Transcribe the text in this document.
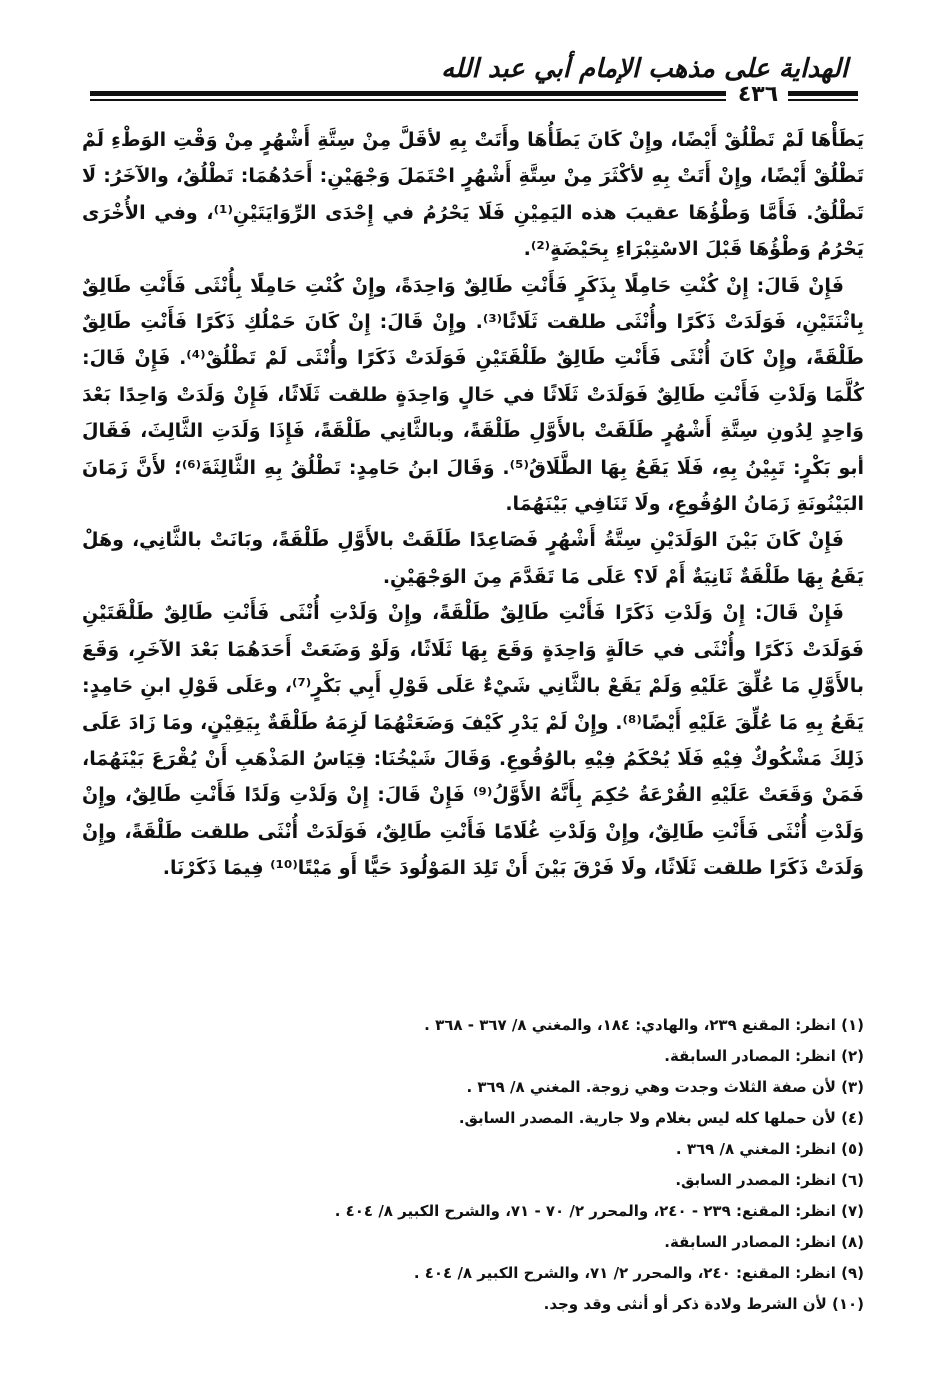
الهداية على مذهب الإمام أبي عبد الله
٤٣٦

يَطَأْهَا لَمْ تَطْلُقْ أَيْضًا، وإِنْ كَانَ يَطَأُهَا وأَتَتْ بِهِ لأقَلَّ مِنْ سِتَّةِ أَشْهُرٍ مِنْ وَقْتِ الوَطْءِ لَمْ تَطْلُقْ أَيْضًا، وإِنْ أَتَتْ بِهِ لأكْثَرَ مِنْ سِتَّةِ أَشْهُرٍ احْتَمَلَ وَجْهَيْنِ: أَحَدُهُمَا: تَطْلُقُ، والآخَرُ: لَا تَطْلُقُ. فَأَمَّا وَطْؤُهَا عقيبَ هذه اليَمِيْنِ فَلَا يَحْرُمُ في إِحْدَى الرِّوَايَتَيْنِ⁽¹⁾، وفي الأُخْرَى يَحْرُمُ وَطْؤُهَا قَبْلَ الاسْتِبْرَاءِ بِحَيْضَةٍ⁽²⁾.

فَإِنْ قَالَ: إِنْ كُنْتِ حَامِلًا بِذَكَرٍ فَأَنْتِ طَالِقٌ وَاحِدَةً، وإِنْ كُنْتِ حَامِلًا بِأُنْثَى فَأَنْتِ طَالِقٌ بِاثْنَتَيْنِ، فَوَلَدَتْ ذَكَرًا وأُنْثَى طلقت ثَلَاثًا⁽³⁾. وإِنْ قَالَ: إِنْ كَانَ حَمْلُكِ ذَكَرًا فَأَنْتِ طَالِقٌ طَلْقَةً، وإِنْ كَانَ أُنْثَى فَأَنْتِ طَالِقٌ طَلْقَتَيْنِ فَوَلَدَتْ ذَكَرًا وأُنْثَى لَمْ تَطْلُقْ⁽⁴⁾. فَإِنْ قَالَ: كُلَّمَا وَلَدْتِ فَأَنْتِ طَالِقٌ فَوَلَدَتْ ثَلَاثًا في حَالٍ وَاحِدَةٍ طلقت ثَلَاثًا، فَإِنْ وَلَدَتْ وَاحِدًا بَعْدَ وَاحِدٍ لِدُونِ سِتَّةِ أَشْهُرٍ طَلَقَتْ بالأَوَّلِ طَلْقَةً، وبالثَّانِي طَلْقَةً، فَإِذَا وَلَدَتِ الثَّالِثَ، فَقَالَ أبو بَكْرٍ: تَبِيْنُ بِهِ، فَلَا يَقَعُ بِهَا الطَّلَاقُ⁽⁵⁾. وَقَالَ ابنُ حَامِدٍ: تَطْلُقُ بِهِ الثَّالِثَةَ⁽⁶⁾؛ لأَنَّ زَمَانَ البَيْنُونَةِ زَمَانُ الوُقُوعِ، ولَا تَنَافِي بَيْنَهُمَا.

فَإِنْ كَانَ بَيْنَ الوَلَدَيْنِ سِتَّةُ أَشْهُرٍ فَصَاعِدًا طَلَقَتْ بالأَوَّلِ طَلْقَةً، وبَانَتْ بالثَّانِي، وهَلْ يَقَعُ بِهَا طَلْقَةٌ ثَانِيَةٌ أَمْ لَا؟ عَلَى مَا تَقَدَّمَ مِنَ الوَجْهَيْنِ.

فَإِنْ قَالَ: إِنْ وَلَدْتِ ذَكَرًا فَأَنْتِ طَالِقٌ طَلْقَةً، وإِنْ وَلَدْتِ أُنْثَى فَأَنْتِ طَالِقٌ طَلْقَتَيْنِ فَوَلَدَتْ ذَكَرًا وأُنْثَى في حَالَةٍ وَاحِدَةٍ وَقَعَ بِهَا ثَلَاثًا، وَلَوْ وَضَعَتْ أَحَدَهُمَا بَعْدَ الآخَرِ، وَقَعَ بالأَوَّلِ مَا عُلِّقَ عَلَيْهِ وَلَمْ يَقَعْ بالثَّانِي شَيْءٌ عَلَى قَوْلِ أَبِي بَكْرٍ⁽⁷⁾، وعَلَى قَوْلِ ابنِ حَامِدٍ: يَقَعُ بِهِ مَا عُلِّقَ عَلَيْهِ أَيْضًا⁽⁸⁾. وإِنْ لَمْ يَدْرِ كَيْفَ وَضَعَتْهُمَا لَزِمَهُ طَلْقَةٌ بِيَقِيْنٍ، ومَا زَادَ عَلَى ذَلِكَ مَشْكُوكٌ فِيْهِ فَلَا يُحْكَمُ فِيْهِ بالوُقُوعِ. وَقَالَ شَيْخُنَا: قِيَاسُ المَذْهَبِ أَنْ يُقْرَعَ بَيْنَهُمَا، فَمَنْ وَقَعَتْ عَلَيْهِ القُرْعَةُ حُكِمَ بِأَنَّهُ الأَوَّلُ⁽⁹⁾ فَإِنْ قَالَ: إِنْ وَلَدْتِ وَلَدًا فَأَنْتِ طَالِقٌ، وإِنْ وَلَدْتِ أُنْثَى فَأَنْتِ طَالِقٌ، وإِنْ وَلَدْتِ غُلَامًا فَأَنْتِ طَالِقٌ، فَوَلَدَتْ أُنْثَى طلقت طَلْقَةً، وإِنْ وَلَدَتْ ذَكَرًا طلقت ثَلَاثًا، ولَا فَرْقَ بَيْنَ أَنْ تَلِدَ المَوْلُودَ حَيًّا أَو مَيْتًا⁽¹⁰⁾ فِيمَا ذَكَرْنَا.

(١) انظر: المقنع ٢٣٩، والهادي: ١٨٤، والمغني ٨/ ٣٦٧ - ٣٦٨ .
(٢) انظر: المصادر السابقة.
(٣) لأن صفة الثلاث وجدت وهي زوجة. المغني ٨/ ٣٦٩ .
(٤) لأن حملها كله ليس بغلام ولا جارية. المصدر السابق.
(٥) انظر: المغني ٨/ ٣٦٩ .
(٦) انظر: المصدر السابق.
(٧) انظر: المقنع: ٢٣٩ - ٢٤٠، والمحرر ٢/ ٧٠ - ٧١، والشرح الكبير ٨/ ٤٠٤ .
(٨) انظر: المصادر السابقة.
(٩) انظر: المقنع: ٢٤٠، والمحرر ٢/ ٧١، والشرح الكبير ٨/ ٤٠٤ .
(١٠) لأن الشرط ولادة ذكر أو أنثى وقد وجد.
